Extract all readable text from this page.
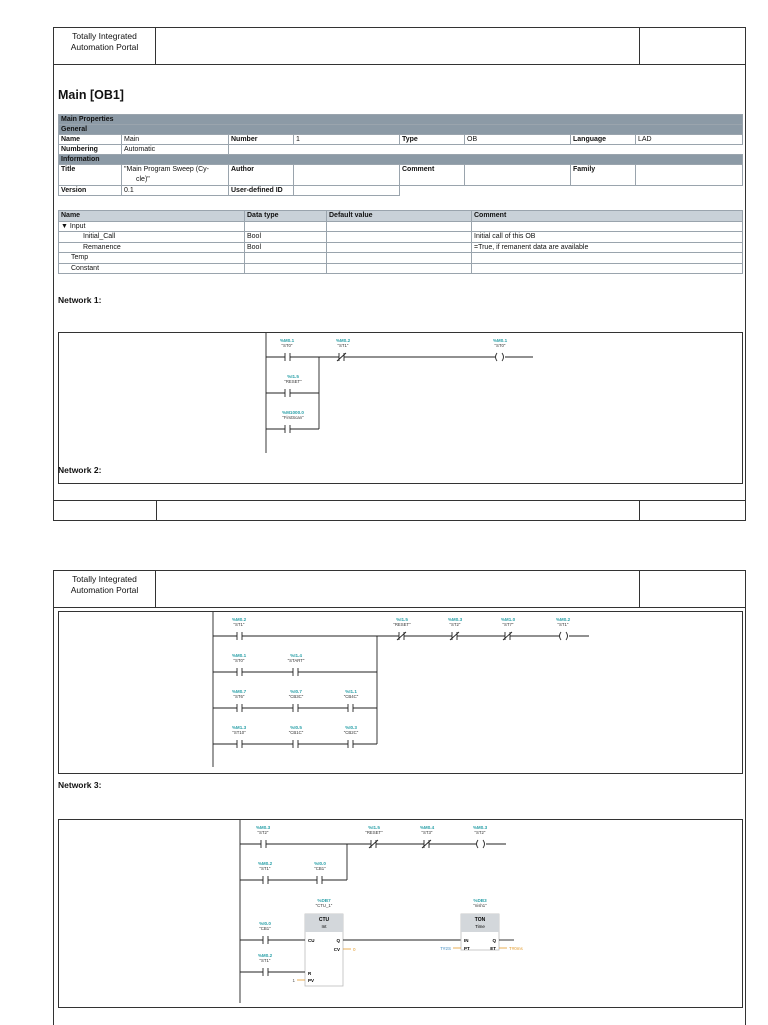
Totally Integrated
Automation Portal
Main [OB1]
Main Properties							
General							
Name	Main	Number	1	Type	OB	Language	LAD
Numbering	Automatic						
Information							
Title	"Main Program Sweep (Cy-
cle)"	Author		Comment		Family	
Version	0.1	User-defined ID					
Name	Data type	Default value	Comment
▼ Input			
Initial_Call	Bool		Initial call of this OB
Remanence	Bool		=True, if remanent data are available
Temp			
Constant			
Network 1:
%M0.1
"ST0"
%M0.2
"ST1"
%M0.1
"ST0"
%I1.5
"RESET"
%M1000.0
"FirstScan"
Network 2:
Totally Integrated
Automation Portal
%M0.2
"ST1"
%I1.5
"RESET"
%M0.3
"ST2"
%M1.0
"ST7"
%M0.2
"ST1"
%M0.1
"ST0"
%I1.4
"START"
%M0.7
"ST6"
%I0.7
"CB3C"
%I1.1
"CB4C"
%M1.3
"ST10"
%I0.5
"CB1C"
%I0.3
"CB2C"
Network 3:
%M0.3
"ST2"
%I1.5
"RESET"
%M0.4
"ST3"
%M0.3
"ST2"
%M0.2
"ST1"
%I0.0
"CB1"
CTU
Int
CU	Q
CV
R
PV
%DB7
"CTU_1"
%I0.0
"CB1"
%M0.2
"ST1"
1
0
TON
Time
IN	Q
PT	ET
%DB3
"nish1"
T#2S	T#0ms
